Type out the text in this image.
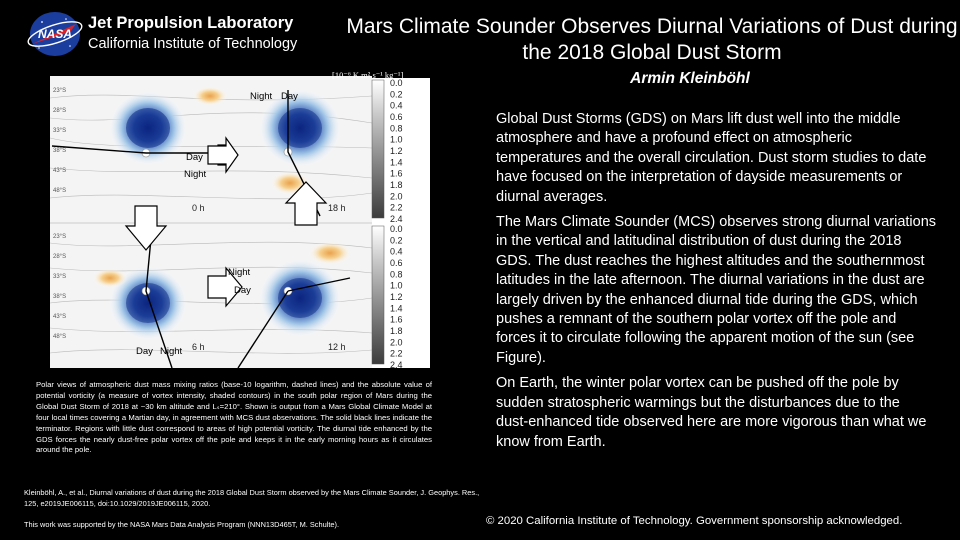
NASA
Jet Propulsion Laboratory
California Institute of Technology
Mars Climate Sounder Observes Diurnal Variations of Dust during the 2018 Global Dust Storm
Armin Kleinböhl
Night Day
Day
Night
Night
Day
Day Night
0 h	18 h
6 h	12 h
23°S
28°S
33°S
38°S
43°S
48°S
23°S
28°S
33°S
38°S
43°S
48°S
0.0
0.2
0.4
0.6
0.8
1.0
1.2
1.4
1.6
1.8
2.0
2.2
2.4
0.0
0.2
0.4
0.6
0.8
1.0
1.2
1.4
1.6
1.8
2.0
2.2
2.4
[10⁻⁶ K m² s⁻¹ kg⁻¹]
Polar views of atmospheric dust mass mixing ratios (base-10 logarithm, dashed lines) and the absolute value of potential vorticity (a measure of vortex intensity, shaded contours) in the south polar region of Mars during the Global Dust Storm of 2018 at ~30 km altitude and Lₛ=210°. Shown is output from a Mars Global Climate Model at four local times covering a Martian day, in agreement with MCS dust observations. The solid black lines indicate the terminator. Regions with little dust correspond to areas of high potential vorticity. The diurnal tide enhanced by the GDS forces the nearly dust-free polar vortex off the pole and keeps it in the early morning hours as it circulates around the pole.
Kleinböhl, A., et al., Diurnal variations of dust during the 2018 Global Dust Storm observed by the Mars Climate Sounder, J. Geophys. Res., 125, e2019JE006115, doi:10.1029/2019JE006115, 2020.
This work was supported by the NASA Mars Data Analysis Program (NNN13D465T, M. Schulte).

Global Dust Storms (GDS) on Mars lift dust well into the middle atmosphere and have a profound effect on atmospheric temperatures and the overall circulation. Dust storm studies to date have focused on the interpretation of dayside measurements or diurnal averages.

The Mars Climate Sounder (MCS) observes strong diurnal variations in the vertical and latitudinal distribution of dust during the 2018 GDS. The dust reaches the highest altitudes and the southernmost latitudes in the late afternoon. The diurnal variations in the dust are largely driven by the enhanced diurnal tide during the GDS, which pushes a remnant of the southern polar vortex off the pole and forces it to circulate following the apparent motion of the sun (see Figure).

On Earth, the winter polar vortex can be pushed off the pole by sudden stratospheric warmings but the disturbances due to the dust-enhanced tide observed here are more vigorous than what we know from Earth.

© 2020 California Institute of Technology. Government sponsorship acknowledged.
